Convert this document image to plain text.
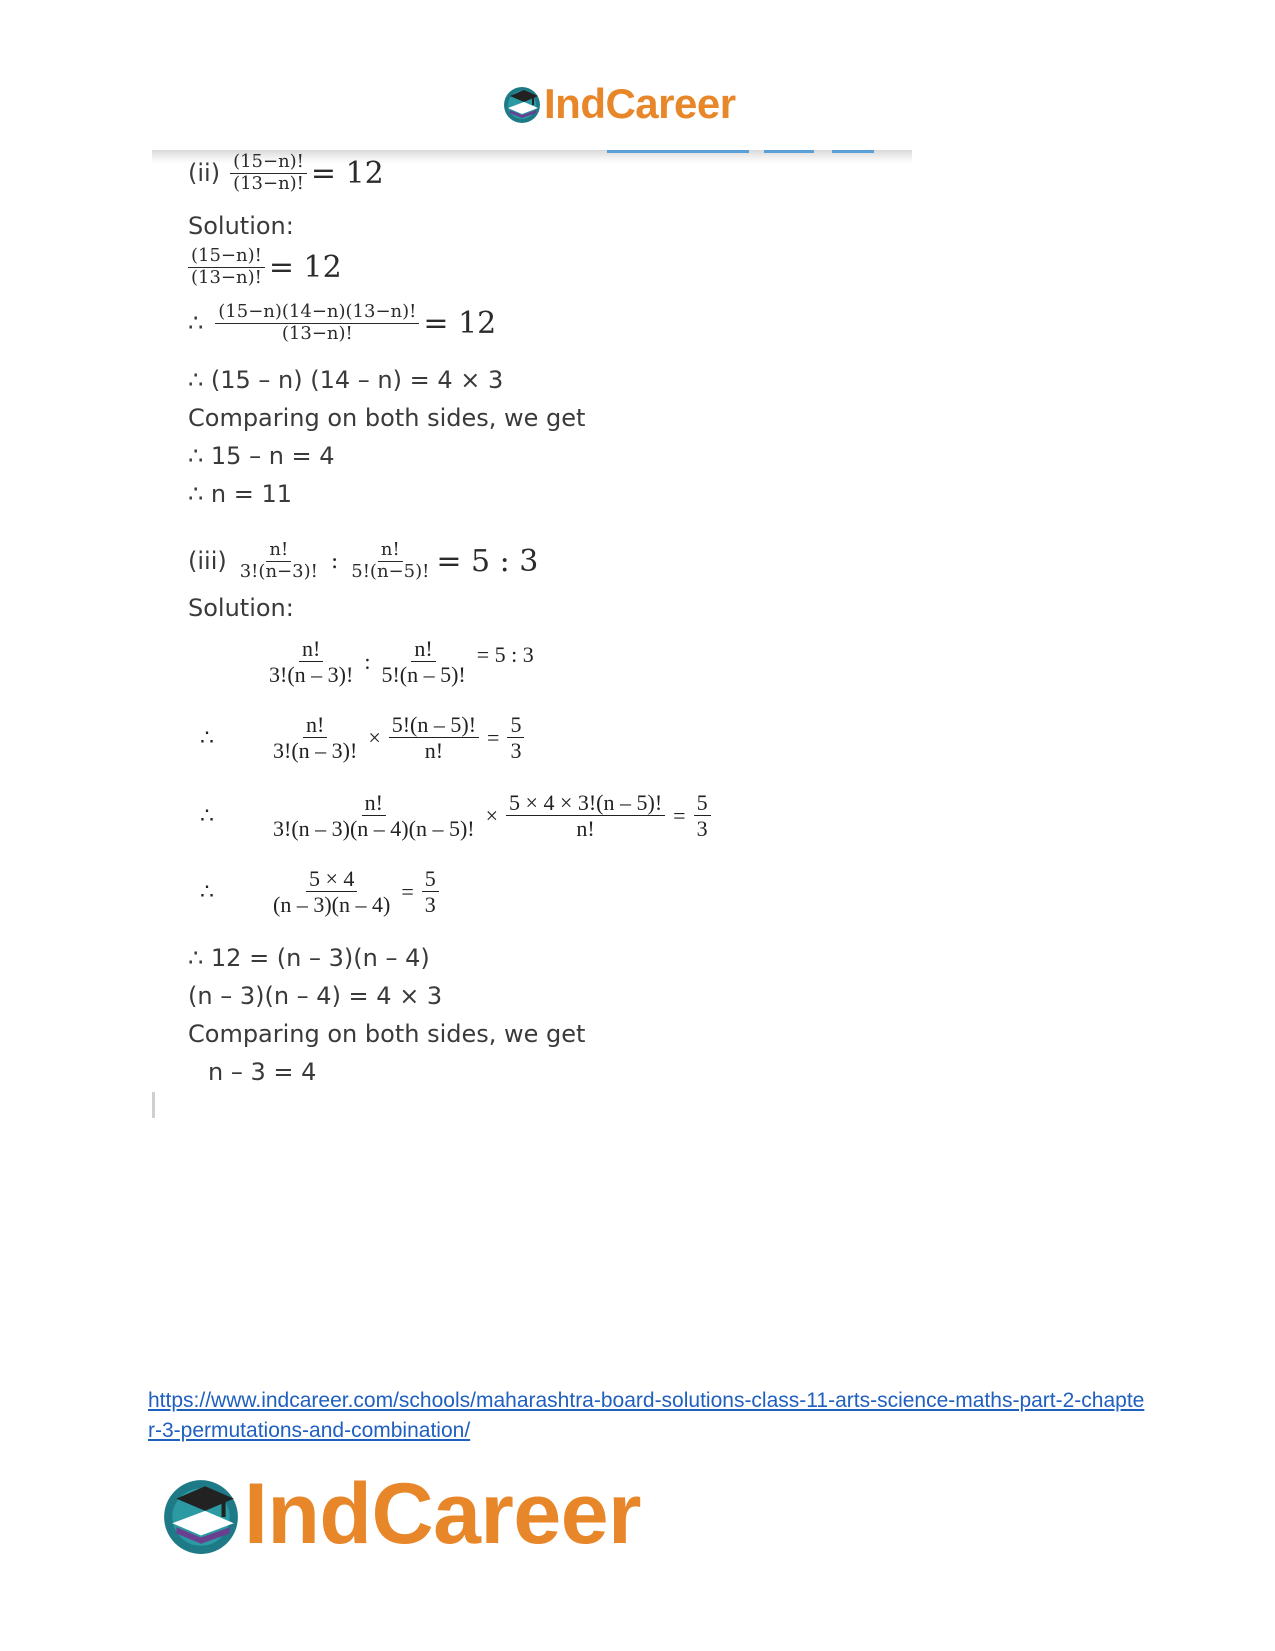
IndCareer
$(ii) \frac{(15-n)!}{(13-n)!} = 12$
Solution:
$\frac{(15-n)!}{(13-n)!} = 12$
∴ $\frac{(15-n)(14-n)(13-n)!}{(13-n)!} = 12$
∴ (15 – n) (14 – n) = 4 × 3
Comparing on both sides, we get
∴ 15 – n = 4
∴ n = 11
$(iii) \frac{n!}{3!(n-3)!}$ : $\frac{n!}{5!(n-5)!} = 5$ : 3
Solution:
$\frac{n!}{3!(n - 3)!}$ : $\frac{n!}{5!(n - 5)!} = 5$ : 3
∴	$\frac{n!}{3!(n - 3)!} \times \frac{5!(n - 5)!}{n!} = \frac{5}{3}$
∴	$\frac{n!}{3!(n - 3)(n - 4)(n - 5)!} \times \frac{5 \times 4 \times 3!(n - 5)!}{n!} = \frac{5}{3}$
∴	$\frac{5 \times 4}{(n - 3)(n - 4)} = \frac{5}{3}$
∴ 12 = (n – 3)(n – 4)
(n – 3)(n – 4) = 4 × 3
Comparing on both sides, we get
n – 3 = 4
https://www.indcareer.com/schools/maharashtra-board-solutions-class-11-arts-science-maths-part-2-chapter-3-permutations-and-combination/
IndCareer
